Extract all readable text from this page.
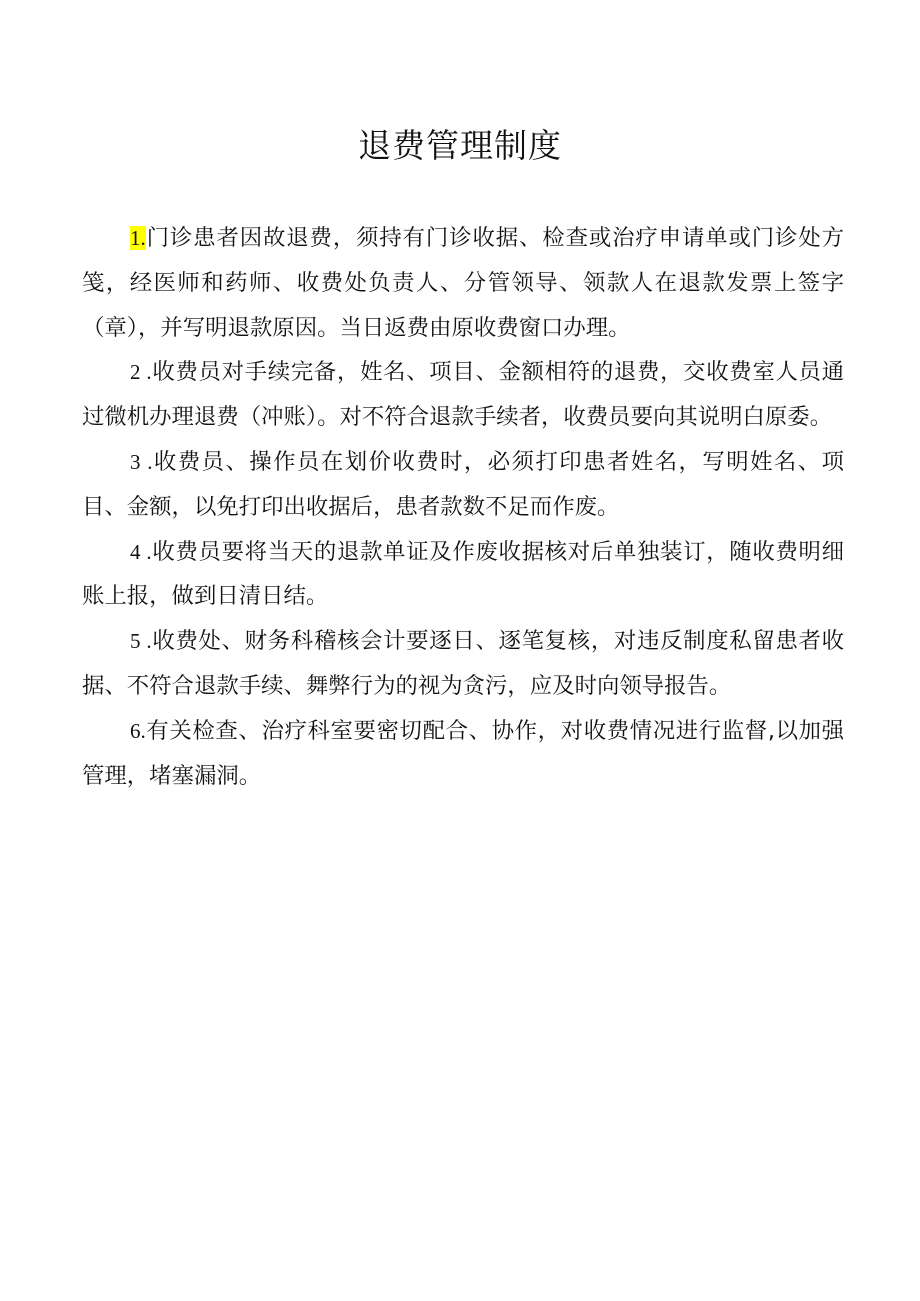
退费管理制度

1.门诊患者因故退费，须持有门诊收据、检查或治疗申请单或门诊处方笺，经医师和药师、收费处负责人、分管领导、领款人在退款发票上签字（章），并写明退款原因。当日返费由原收费窗口办理。

2 .收费员对手续完备，姓名、项目、金额相符的退费，交收费室人员通过微机办理退费（冲账）。对不符合退款手续者，收费员要向其说明白原委。

3 .收费员、操作员在划价收费时，必须打印患者姓名，写明姓名、项目、金额，以免打印出收据后，患者款数不足而作废。

4 .收费员要将当天的退款单证及作废收据核对后单独装订，随收费明细账上报，做到日清日结。

5 .收费处、财务科稽核会计要逐日、逐笔复核，对违反制度私留患者收据、不符合退款手续、舞弊行为的视为贪污，应及时向领导报告。

6.有关检查、治疗科室要密切配合、协作，对收费情况进行监督,以加强管理，堵塞漏洞。
